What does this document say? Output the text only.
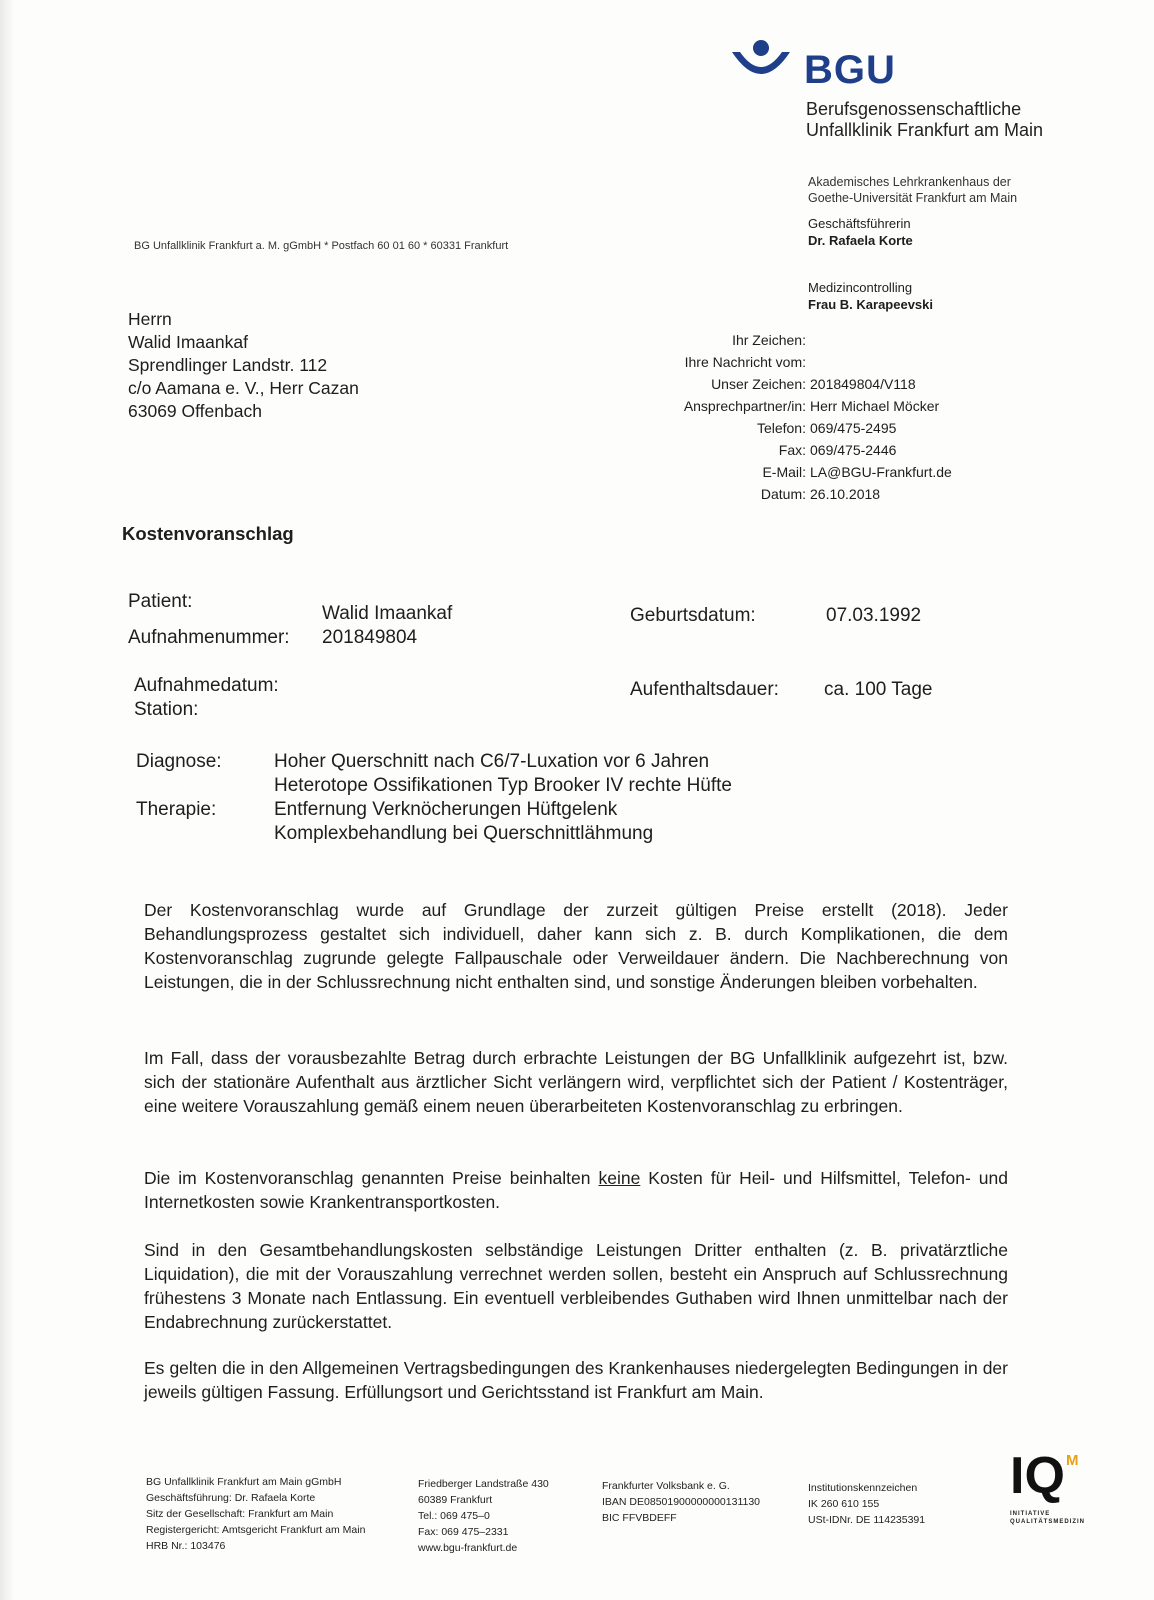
BGU
Berufsgenossenschaftliche
Unfallklinik Frankfurt am Main
Akademisches Lehrkrankenhaus der
Goethe-Universität Frankfurt am Main
Geschäftsführerin
Dr. Rafaela Korte
Medizincontrolling
Frau B. Karapeevski
BG Unfallklinik Frankfurt a. M. gGmbH * Postfach 60 01 60 * 60331 Frankfurt
Herrn
Walid Imaankaf
Sprendlinger Landstr. 112
c/o Aamana e. V., Herr Cazan
63069 Offenbach
Ihr Zeichen:
Ihre Nachricht vom:
Unser Zeichen: 201849804/V118
Ansprechpartner/in: Herr Michael Möcker
Telefon: 069/475-2495
Fax: 069/475-2446
E-Mail: LA@BGU-Frankfurt.de
Datum: 26.10.2018
Kostenvoranschlag
Patient:
Walid Imaankaf
Aufnahmenummer: 201849804
Geburtsdatum:	07.03.1992
Aufnahmedatum:
Station:
Aufenthaltsdauer: ca. 100 Tage
Diagnose:	Hoher Querschnitt nach C6/7-Luxation vor 6 Jahren
Heterotope Ossifikationen Typ Brooker IV rechte Hüfte
Therapie:	Entfernung Verknöcherungen Hüftgelenk
Komplexbehandlung bei Querschnittlähmung
Der Kostenvoranschlag wurde auf Grundlage der zurzeit gültigen Preise erstellt (2018). Jeder Behandlungsprozess gestaltet sich individuell, daher kann sich z. B. durch Komplikationen, die dem Kostenvoranschlag zugrunde gelegte Fallpauschale oder Verweildauer ändern. Die Nachberechnung von Leistungen, die in der Schlussrechnung nicht enthalten sind, und sonstige Änderungen bleiben vorbehalten.
Im Fall, dass der vorausbezahlte Betrag durch erbrachte Leistungen der BG Unfallklinik aufgezehrt ist, bzw. sich der stationäre Aufenthalt aus ärztlicher Sicht verlängern wird, verpflichtet sich der Patient / Kostenträger, eine weitere Vorauszahlung gemäß einem neuen überarbeiteten Kostenvoranschlag zu erbringen.
Die im Kostenvoranschlag genannten Preise beinhalten keine Kosten für Heil- und Hilfsmittel, Telefon- und Internetkosten sowie Krankentransportkosten.
Sind in den Gesamtbehandlungskosten selbständige Leistungen Dritter enthalten (z. B. privatärztliche Liquidation), die mit der Vorauszahlung verrechnet werden sollen, besteht ein Anspruch auf Schlussrechnung frühestens 3 Monate nach Entlassung. Ein eventuell verbleibendes Guthaben wird Ihnen unmittelbar nach der Endabrechnung zurückerstattet.
Es gelten die in den Allgemeinen Vertragsbedingungen des Krankenhauses niedergelegten Bedingungen in der jeweils gültigen Fassung. Erfüllungsort und Gerichtsstand ist Frankfurt am Main.
BG Unfallklinik Frankfurt am Main gGmbH
Geschäftsführung: Dr. Rafaela Korte
Sitz der Gesellschaft: Frankfurt am Main
Registergericht: Amtsgericht Frankfurt am Main
HRB Nr.: 103476
Friedberger Landstraße 430
60389 Frankfurt
Tel.: 069 475–0
Fax: 069 475–2331
www.bgu-frankfurt.de
Frankfurter Volksbank e. G.
IBAN DE08501900000000131130
BIC FFVBDEFF
Institutionskennzeichen
IK 260 610 155
USt-IDNr. DE 114235391
IQ M
INITIATIVE
QUALITÄTSMEDIZIN
